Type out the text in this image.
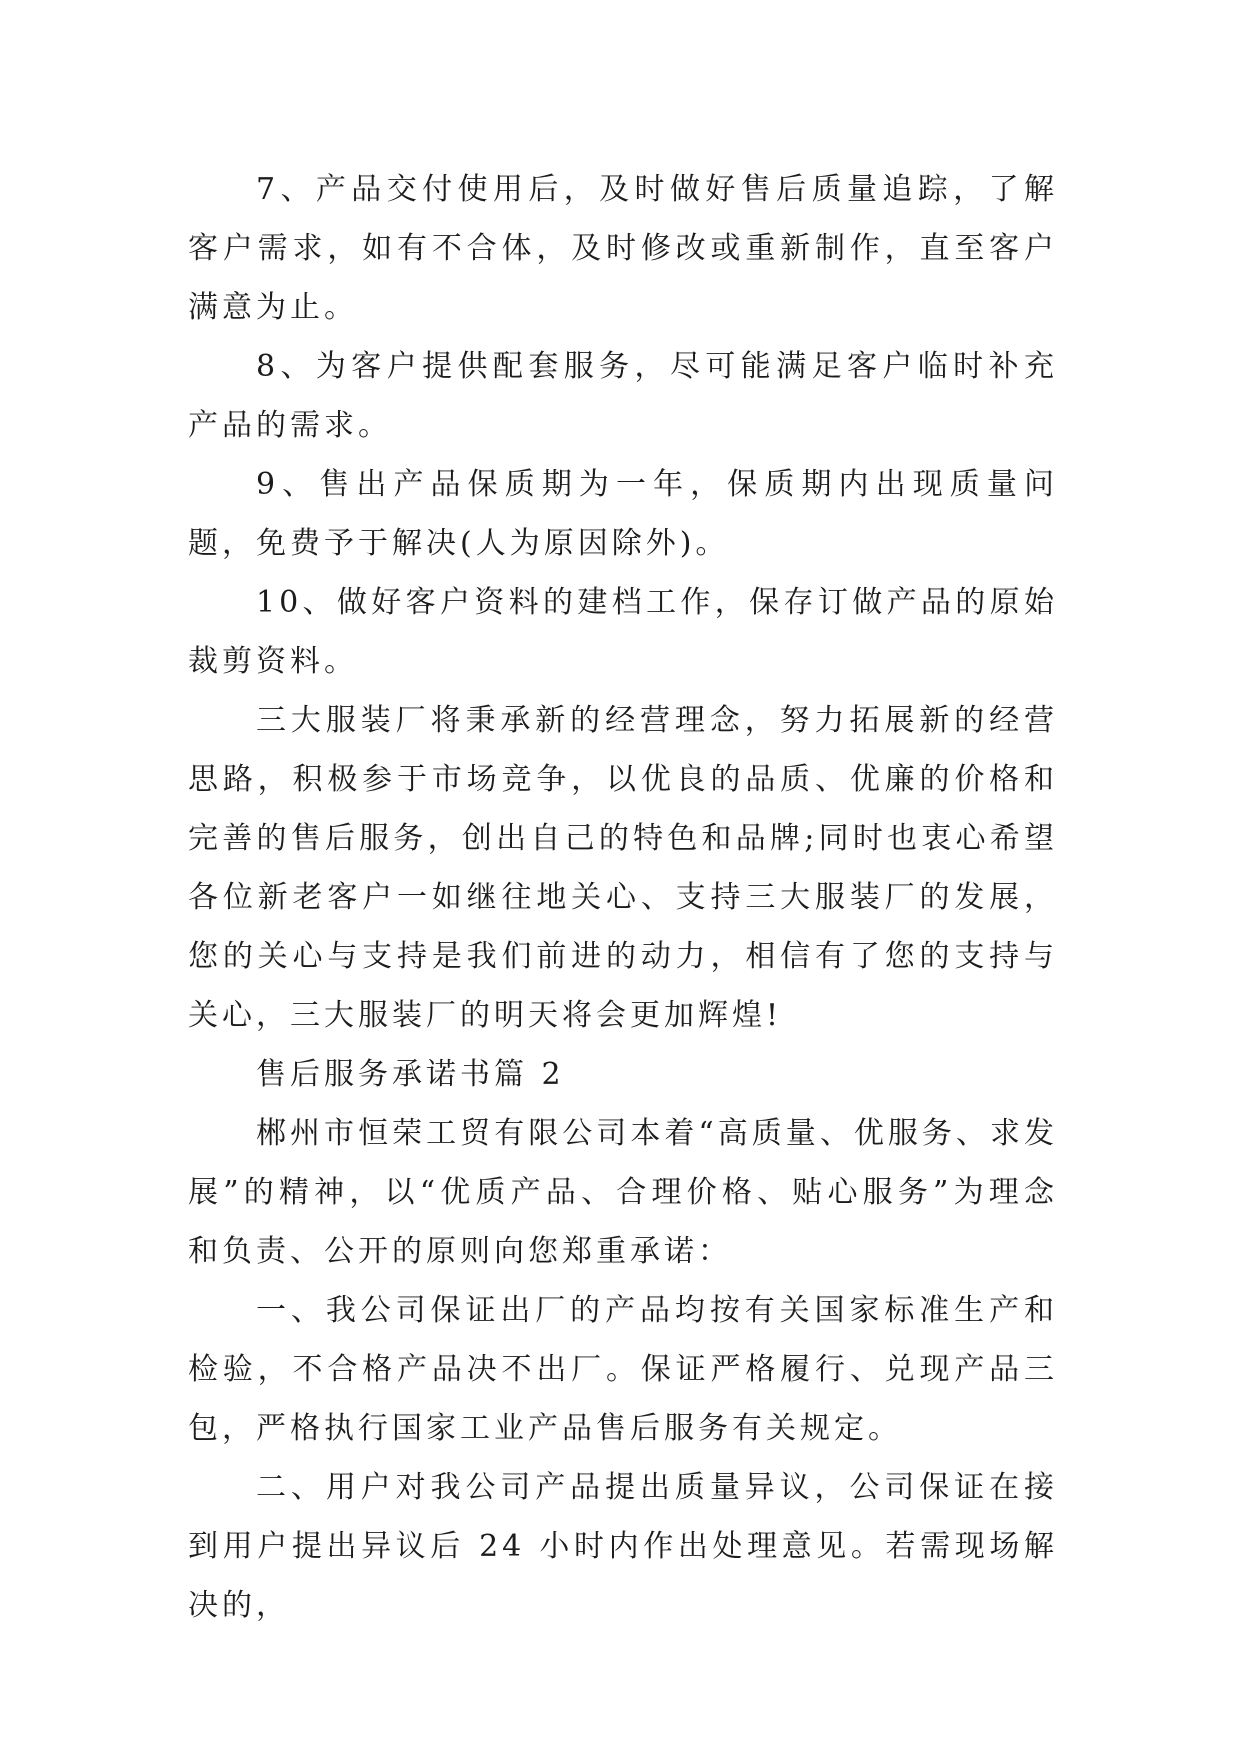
7、产品交付使用后，及时做好售后质量追踪，了解客户需求，如有不合体，及时修改或重新制作，直至客户满意为止。

8、为客户提供配套服务，尽可能满足客户临时补充产品的需求。

9、售出产品保质期为一年，保质期内出现质量问题，免费予于解决(人为原因除外)。

10、做好客户资料的建档工作，保存订做产品的原始裁剪资料。

三大服装厂将秉承新的经营理念，努力拓展新的经营思路，积极参于市场竞争，以优良的品质、优廉的价格和完善的售后服务，创出自己的特色和品牌;同时也衷心希望各位新老客户一如继往地关心、支持三大服装厂的发展，您的关心与支持是我们前进的动力，相信有了您的支持与关心，三大服装厂的明天将会更加辉煌!

售后服务承诺书篇 2

郴州市恒荣工贸有限公司本着“高质量、优服务、求发展”的精神，以“优质产品、合理价格、贴心服务”为理念和负责、公开的原则向您郑重承诺：

一、我公司保证出厂的产品均按有关国家标准生产和检验，不合格产品决不出厂。保证严格履行、兑现产品三包，严格执行国家工业产品售后服务有关规定。

二、用户对我公司产品提出质量异议，公司保证在接到用户提出异议后 24 小时内作出处理意见。若需现场解决的，
